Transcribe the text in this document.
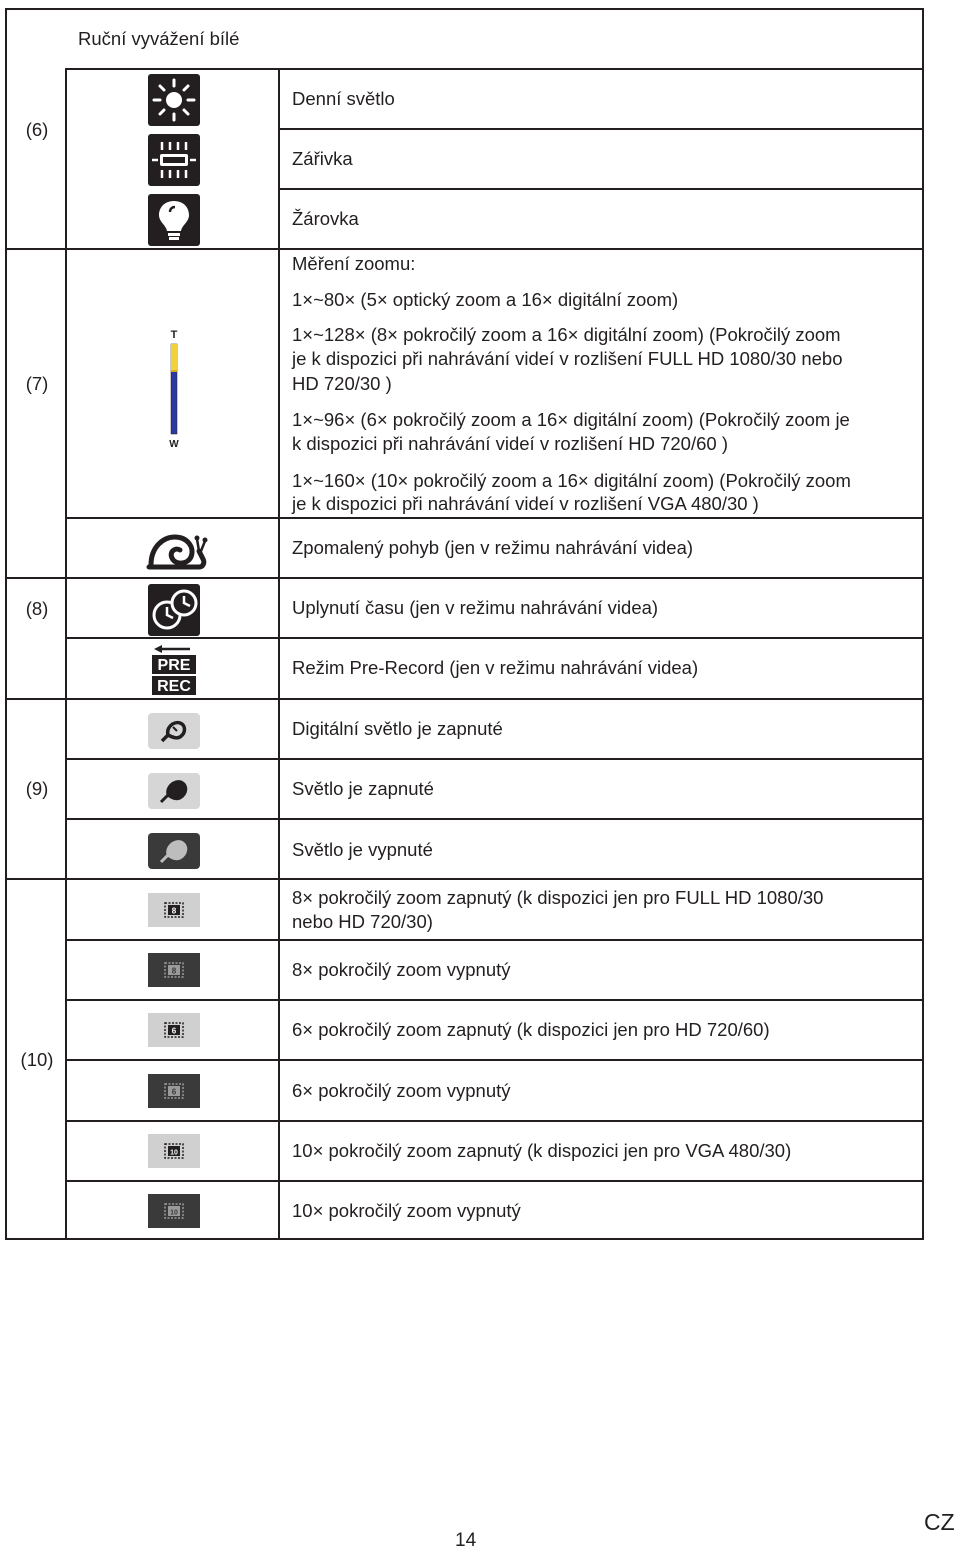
Ruční vyvážení bílé
(6)
(7)
(8)
(9)
(10)
Denní světlo
Zářivka
Žárovka
Měření zoomu:
1×~80× (5× optický zoom a 16× digitální zoom)
1×~128× (8× pokročilý zoom a 16× digitální zoom) (Pokročilý zoom
je k dispozici při nahrávání videí v rozlišení FULL HD 1080/30 nebo
HD 720/30 )
1×~96× (6× pokročilý zoom a 16× digitální zoom) (Pokročilý zoom je
k dispozici při nahrávání videí v rozlišení HD 720/60 )
1×~160× (10× pokročilý zoom a 16× digitální zoom) (Pokročilý zoom
je k dispozici při nahrávání videí v rozlišení VGA 480/30 )
Zpomalený pohyb (jen v režimu nahrávání videa)
Uplynutí času (jen v režimu nahrávání videa)
Režim Pre-Record (jen v režimu nahrávání videa)
Digitální světlo je zapnuté
Světlo je zapnuté
Světlo je vypnuté
8× pokročilý zoom zapnutý (k dispozici jen pro FULL HD 1080/30
nebo HD 720/30)
8× pokročilý zoom vypnutý
6× pokročilý zoom zapnutý (k dispozici jen pro HD 720/60)
6× pokročilý zoom vypnutý
10× pokročilý zoom zapnutý (k dispozici jen pro VGA 480/30)
10× pokročilý zoom vypnutý
T
W
PRE
REC
8
8
6
6
10
10
14
CZ
